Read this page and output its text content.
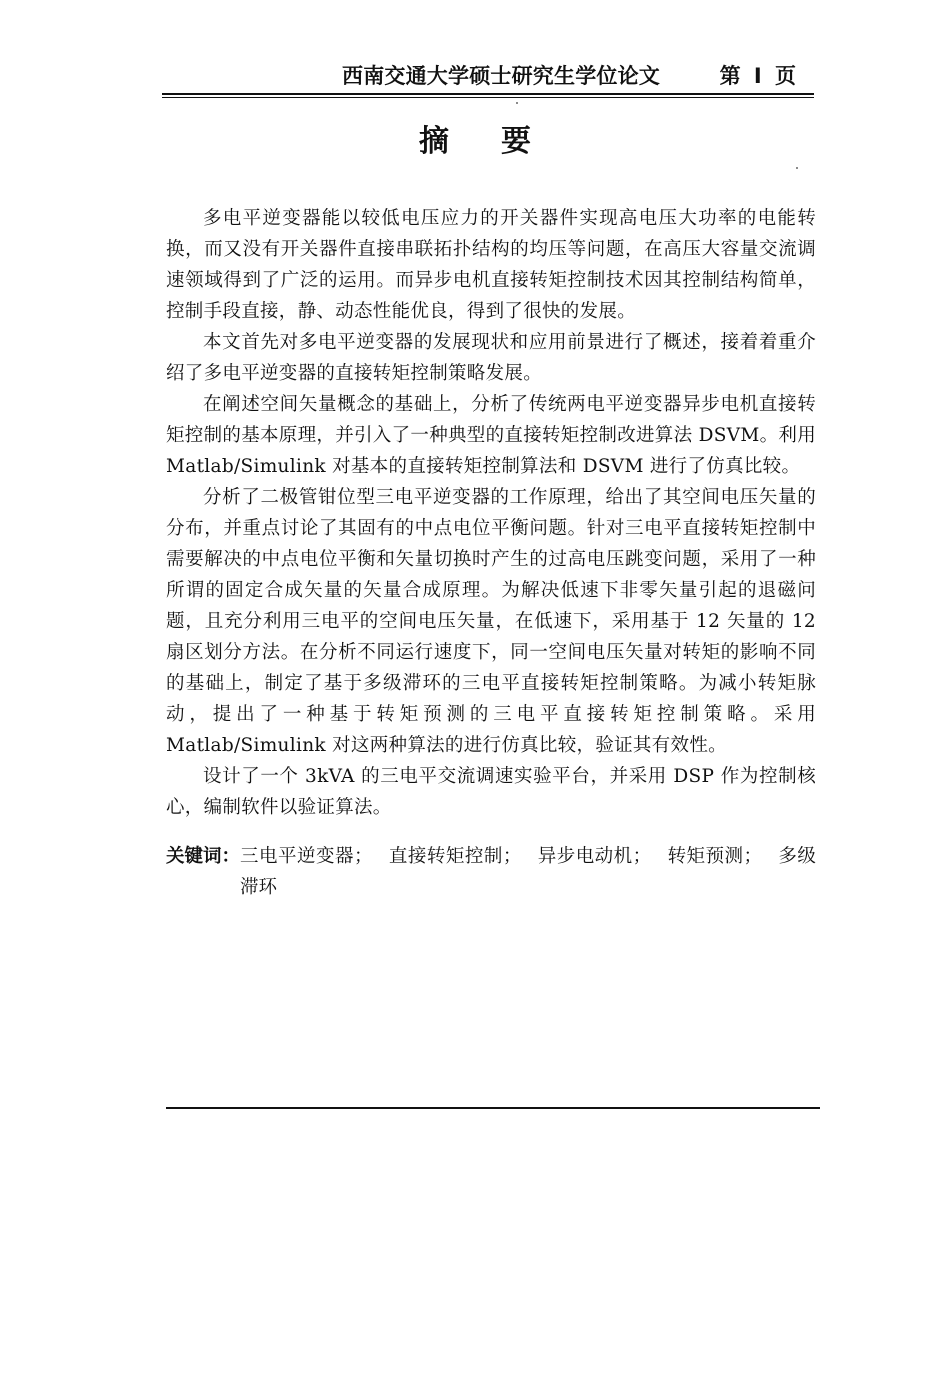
西南交通大学硕士研究生学位论文	第 I 页
摘要

多电平逆变器能以较低电压应力的开关器件实现高电压大功率的电能转换，而又没有开关器件直接串联拓扑结构的均压等问题，在高压大容量交流调速领域得到了广泛的运用。而异步电机直接转矩控制技术因其控制结构简单，控制手段直接，静、动态性能优良，得到了很快的发展。

本文首先对多电平逆变器的发展现状和应用前景进行了概述，接着着重介绍了多电平逆变器的直接转矩控制策略发展。

在阐述空间矢量概念的基础上，分析了传统两电平逆变器异步电机直接转矩控制的基本原理，并引入了一种典型的直接转矩控制改进算法 DSVM。利用 Matlab/Simulink 对基本的直接转矩控制算法和 DSVM 进行了仿真比较。

分析了二极管钳位型三电平逆变器的工作原理，给出了其空间电压矢量的分布，并重点讨论了其固有的中点电位平衡问题。针对三电平直接转矩控制中需要解决的中点电位平衡和矢量切换时产生的过高电压跳变问题，采用了一种所谓的固定合成矢量的矢量合成原理。为解决低速下非零矢量引起的退磁问题，且充分利用三电平的空间电压矢量，在低速下，采用基于 12 矢量的 12 扇区划分方法。在分析不同运行速度下，同一空间电压矢量对转矩的影响不同的基础上，制定了基于多级滞环的三电平直接转矩控制策略。为减小转矩脉动，提出了一种基于转矩预测的三电平直接转矩控制策略。采用 Matlab/Simulink 对这两种算法的进行仿真比较，验证其有效性。

设计了一个 3kVA 的三电平交流调速实验平台，并采用 DSP 作为控制核心，编制软件以验证算法。

关键词： 三电平逆变器； 直接转矩控制； 异步电动机； 转矩预测； 多级滞环
